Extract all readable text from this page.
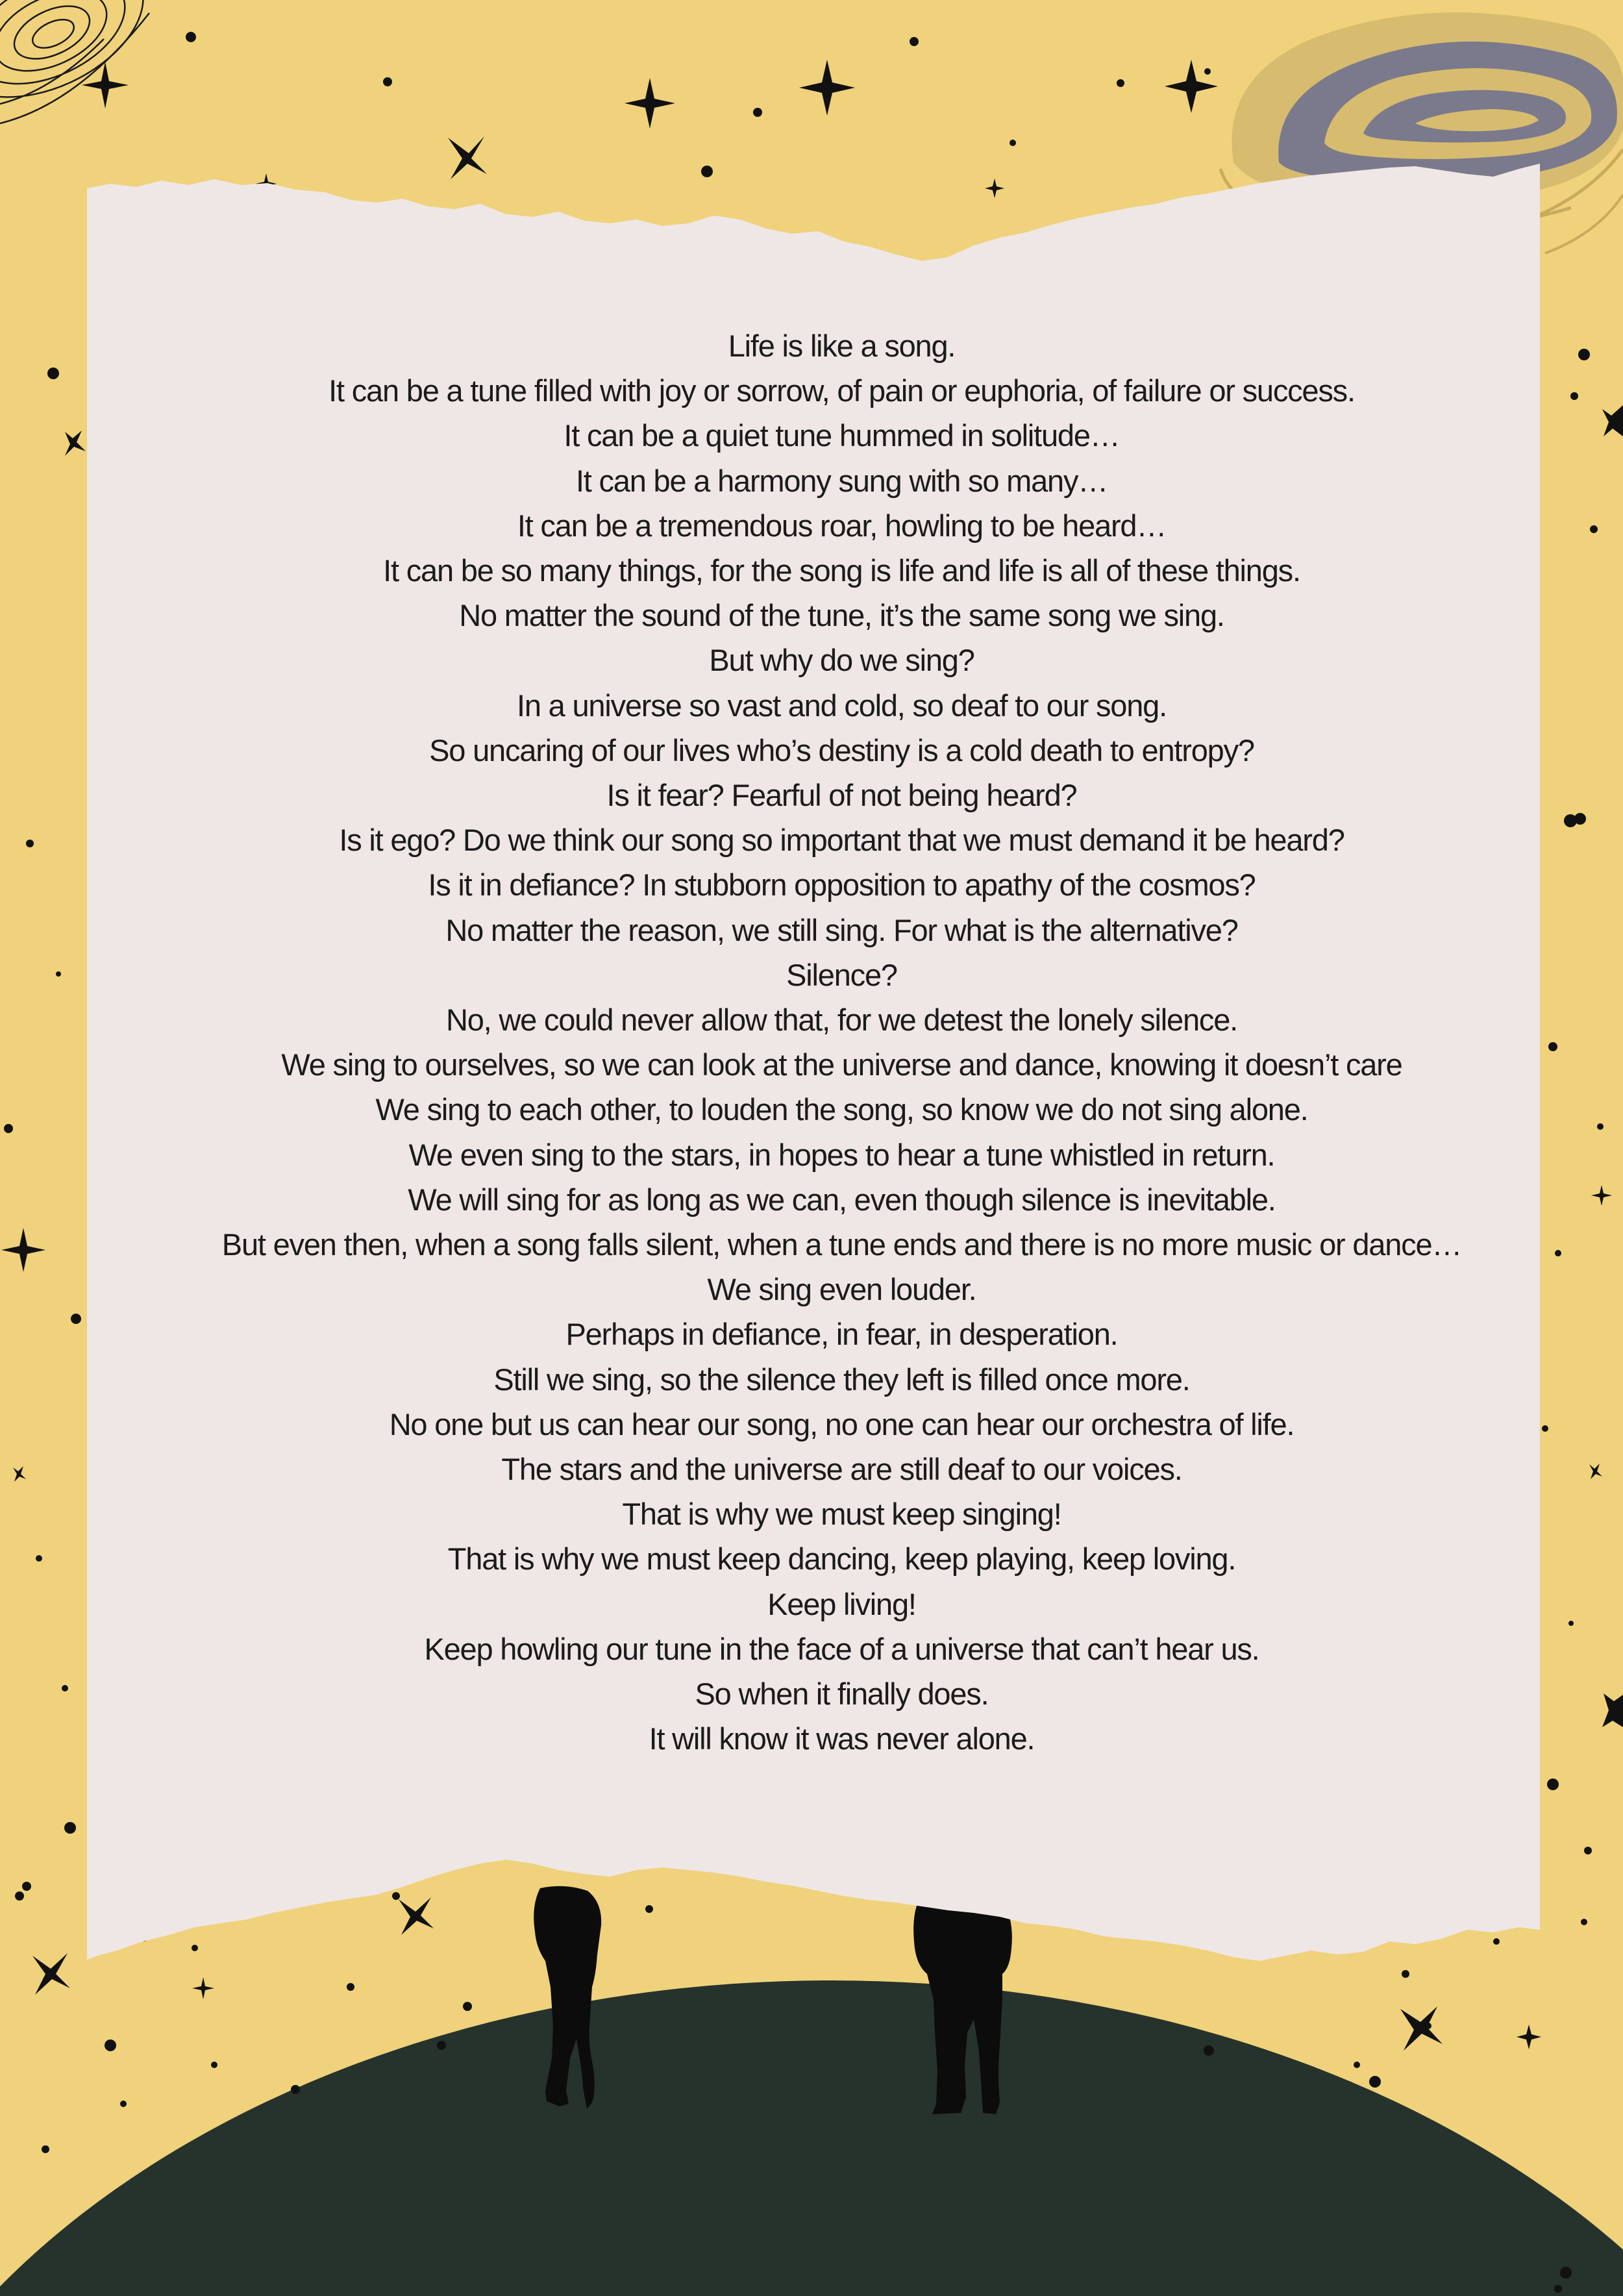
Life is like a song.
It can be a tune filled with joy or sorrow, of pain or euphoria, of failure or success.
It can be a quiet tune hummed in solitude…
It can be a harmony sung with so many…
It can be a tremendous roar, howling to be heard…
It can be so many things, for the song is life and life is all of these things.
No matter the sound of the tune, it’s the same song we sing.
But why do we sing?
In a universe so vast and cold, so deaf to our song.
So uncaring of our lives who’s destiny is a cold death to entropy?
Is it fear? Fearful of not being heard?
Is it ego? Do we think our song so important that we must demand it be heard?
Is it in defiance? In stubborn opposition to apathy of the cosmos?
No matter the reason, we still sing. For what is the alternative?
Silence?
No, we could never allow that, for we detest the lonely silence.
We sing to ourselves, so we can look at the universe and dance, knowing it doesn’t care
We sing to each other, to louden the song, so know we do not sing alone.
We even sing to the stars, in hopes to hear a tune whistled in return.
We will sing for as long as we can, even though silence is inevitable.
But even then, when a song falls silent, when a tune ends and there is no more music or dance…
We sing even louder.
Perhaps in defiance, in fear, in desperation.
Still we sing, so the silence they left is filled once more.
No one but us can hear our song, no one can hear our orchestra of life.
The stars and the universe are still deaf to our voices.
That is why we must keep singing!
That is why we must keep dancing, keep playing, keep loving.
Keep living!
Keep howling our tune in the face of a universe that can’t hear us.
So when it finally does.
It will know it was never alone.
